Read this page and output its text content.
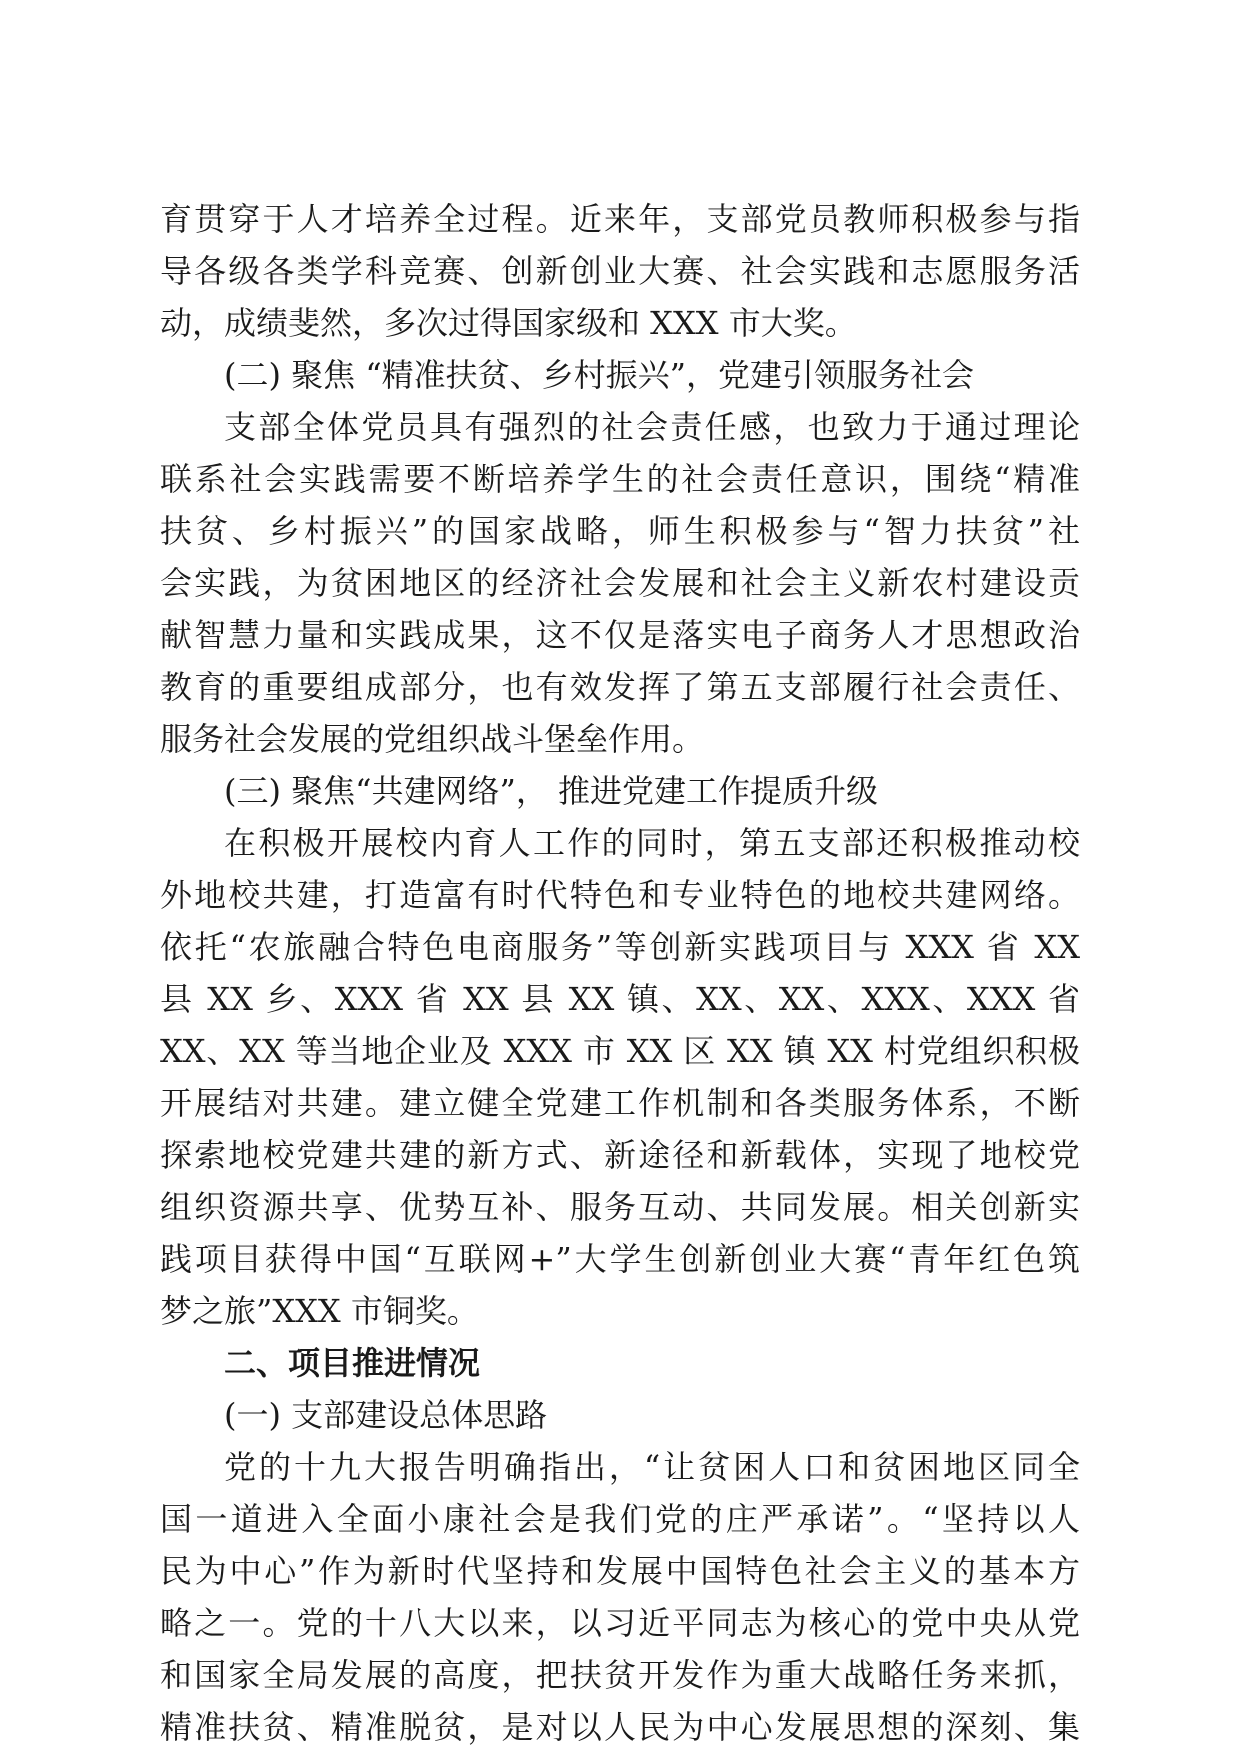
育贯穿于人才培养全过程。近来年，支部党员教师积极参与指
导各级各类学科竞赛、创新创业大赛、社会实践和志愿服务活
动，成绩斐然，多次过得国家级和 XXX 市大奖。
(二) 聚焦 “精准扶贫、乡村振兴”，党建引领服务社会
支部全体党员具有强烈的社会责任感，也致力于通过理论
联系社会实践需要不断培养学生的社会责任意识，围绕“精准
扶贫、乡村振兴”的国家战略，师生积极参与“智力扶贫”社
会实践，为贫困地区的经济社会发展和社会主义新农村建设贡
献智慧力量和实践成果，这不仅是落实电子商务人才思想政治
教育的重要组成部分，也有效发挥了第五支部履行社会责任、
服务社会发展的党组织战斗堡垒作用。
(三) 聚焦“共建网络”， 推进党建工作提质升级
在积极开展校内育人工作的同时，第五支部还积极推动校
外地校共建，打造富有时代特色和专业特色的地校共建网络。
依托“农旅融合特色电商服务”等创新实践项目与 XXX 省 XX
县 XX 乡、XXX 省 XX 县 XX 镇、XX、XX、XXX、XXX 省
XX、XX 等当地企业及 XXX 市 XX 区 XX 镇 XX 村党组织积极
开展结对共建。建立健全党建工作机制和各类服务体系，不断
探索地校党建共建的新方式、新途径和新载体，实现了地校党
组织资源共享、优势互补、服务互动、共同发展。相关创新实
践项目获得中国“互联网+”大学生创新创业大赛“青年红色筑
梦之旅”XXX 市铜奖。
二、项目推进情况
(一) 支部建设总体思路
党的十九大报告明确指出，“让贫困人口和贫困地区同全
国一道进入全面小康社会是我们党的庄严承诺”。“坚持以人
民为中心”作为新时代坚持和发展中国特色社会主义的基本方
略之一。党的十八大以来，以习近平同志为核心的党中央从党
和国家全局发展的高度，把扶贫开发作为重大战略任务来抓，
精准扶贫、精准脱贫，是对以人民为中心发展思想的深刻、集
